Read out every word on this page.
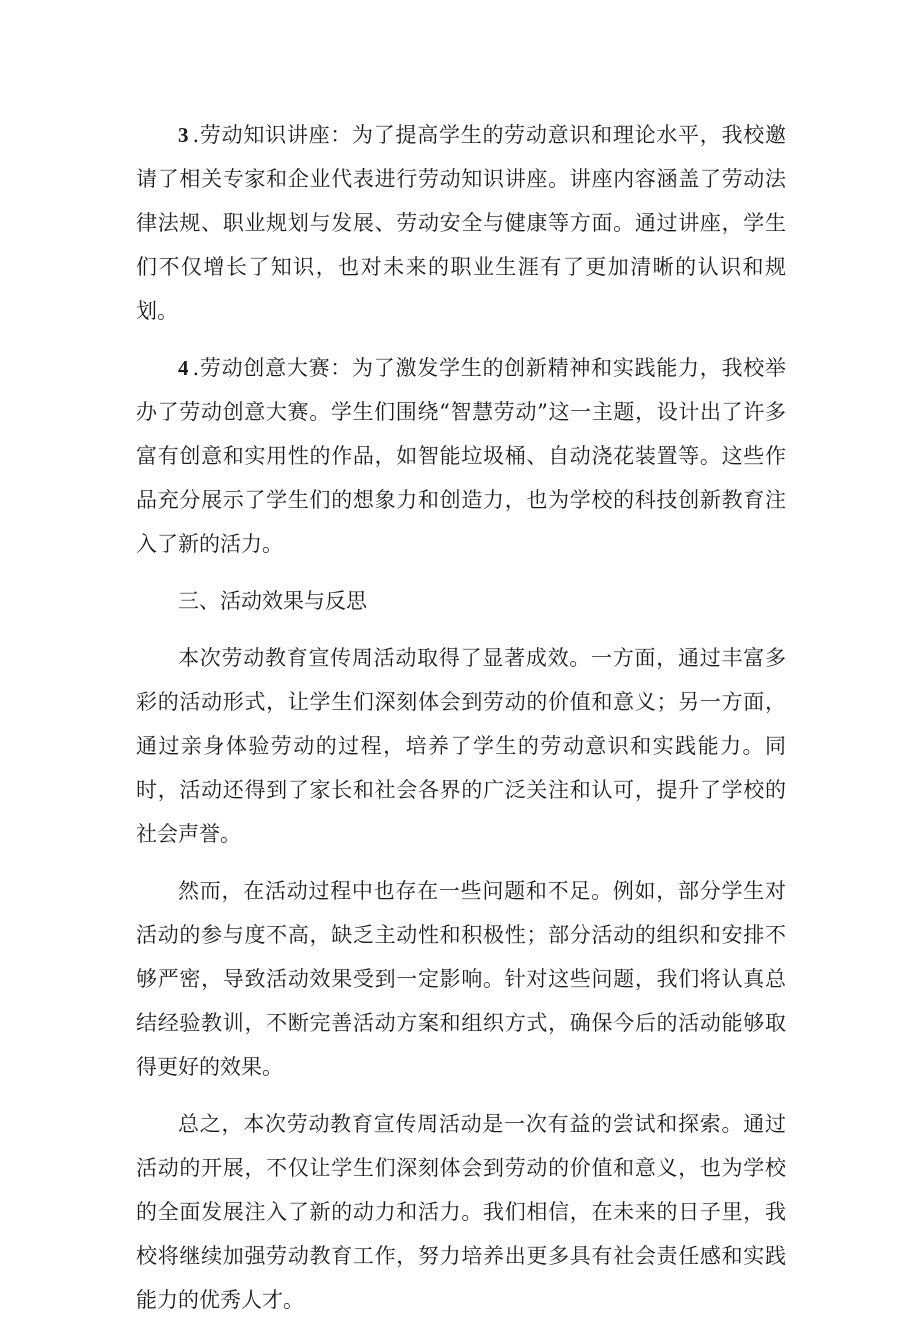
3 .劳动知识讲座：为了提高学生的劳动意识和理论水平，我校邀请了相关专家和企业代表进行劳动知识讲座。讲座内容涵盖了劳动法律法规、职业规划与发展、劳动安全与健康等方面。通过讲座，学生们不仅增长了知识，也对未来的职业生涯有了更加清晰的认识和规划。

4 .劳动创意大赛：为了激发学生的创新精神和实践能力，我校举办了劳动创意大赛。学生们围绕“智慧劳动”这一主题，设计出了许多富有创意和实用性的作品，如智能垃圾桶、自动浇花装置等。这些作品充分展示了学生们的想象力和创造力，也为学校的科技创新教育注入了新的活力。

三、活动效果与反思

本次劳动教育宣传周活动取得了显著成效。一方面，通过丰富多彩的活动形式，让学生们深刻体会到劳动的价值和意义；另一方面，通过亲身体验劳动的过程，培养了学生的劳动意识和实践能力。同时，活动还得到了家长和社会各界的广泛关注和认可，提升了学校的社会声誉。

然而，在活动过程中也存在一些问题和不足。例如，部分学生对活动的参与度不高，缺乏主动性和积极性；部分活动的组织和安排不够严密，导致活动效果受到一定影响。针对这些问题，我们将认真总结经验教训，不断完善活动方案和组织方式，确保今后的活动能够取得更好的效果。

总之，本次劳动教育宣传周活动是一次有益的尝试和探索。通过活动的开展，不仅让学生们深刻体会到劳动的价值和意义，也为学校的全面发展注入了新的动力和活力。我们相信，在未来的日子里，我校将继续加强劳动教育工作，努力培养出更多具有社会责任感和实践能力的优秀人才。
